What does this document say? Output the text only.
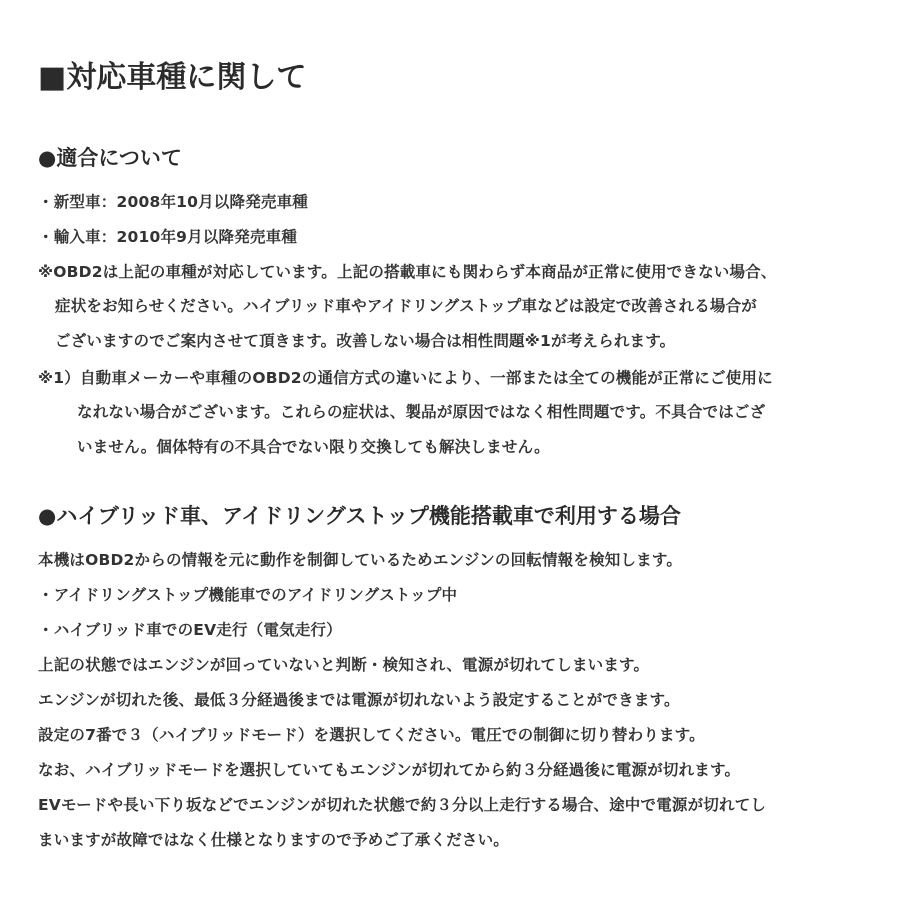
■対応車種に関して
●適合について
・新型車：2008年10月以降発売車種
・輸入車：2010年9月以降発売車種
※OBD2は上記の車種が対応しています。上記の搭載車にも関わらず本商品が正常に使用できない場合、
症状をお知らせください。ハイブリッド車やアイドリングストップ車などは設定で改善される場合が
ございますのでご案内させて頂きます。改善しない場合は相性問題※1が考えられます。
※1）自動車メーカーや車種のOBD2の通信方式の違いにより、一部または全ての機能が正常にご使用に
なれない場合がございます。これらの症状は、製品が原因ではなく相性問題です。不具合ではござ
いません。個体特有の不具合でない限り交換しても解決しません。
●ハイブリッド車、アイドリングストップ機能搭載車で利用する場合
本機はOBD2からの情報を元に動作を制御しているためエンジンの回転情報を検知します。
・アイドリングストップ機能車でのアイドリングストップ中
・ハイブリッド車でのEV走行（電気走行）
上記の状態ではエンジンが回っていないと判断・検知され、電源が切れてしまいます。
エンジンが切れた後、最低３分経過後までは電源が切れないよう設定することができます。
設定の7番で３（ハイブリッドモード）を選択してください。電圧での制御に切り替わります。
なお、ハイブリッドモードを選択していてもエンジンが切れてから約３分経過後に電源が切れます。
EVモードや長い下り坂などでエンジンが切れた状態で約３分以上走行する場合、途中で電源が切れてし
まいますが故障ではなく仕様となりますので予めご了承ください。
